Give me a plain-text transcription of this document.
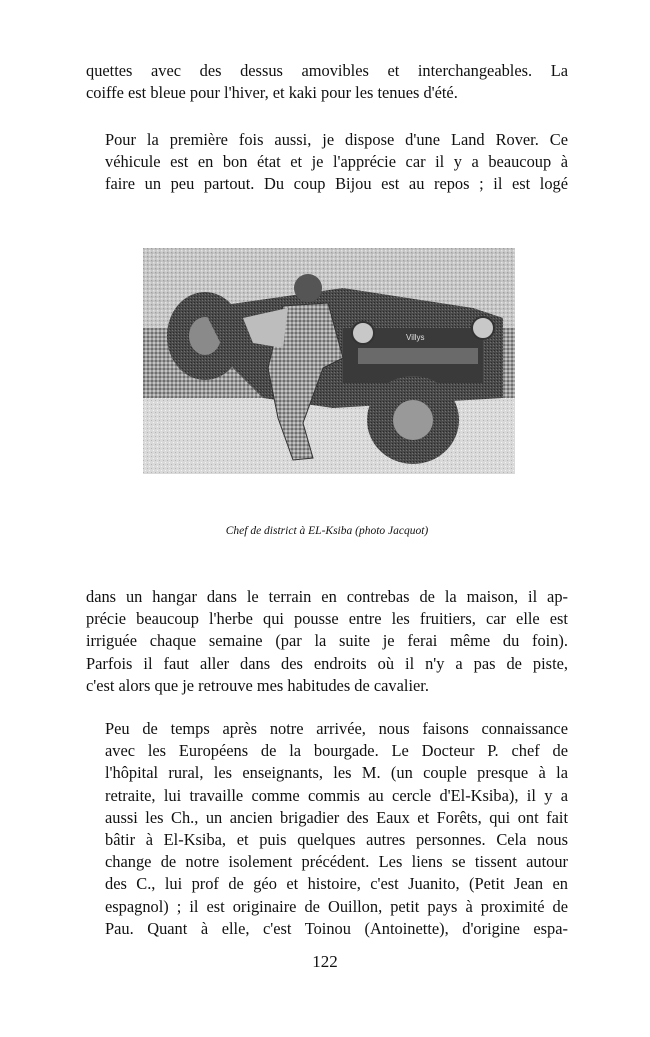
quettes avec des dessus amovibles et interchangeables. La
coiffe est bleue pour l'hiver, et kaki pour les tenues d'été.

Pour la première fois aussi, je dispose d'une Land Rover. Ce
véhicule est en bon état et je l'apprécie car il y a beaucoup à
faire un peu partout. Du coup Bijou est au repos ; il est logé

Villys
Chef de district à EL-Ksiba (photo Jacquot)

dans un hangar dans le terrain en contrebas de la maison, il ap-
précie beaucoup l'herbe qui pousse entre les fruitiers, car elle est
irriguée chaque semaine (par la suite je ferai même du foin).
Parfois il faut aller dans des endroits où il n'y a pas de piste,
c'est alors que je retrouve mes habitudes de cavalier.

Peu de temps après notre arrivée, nous faisons connaissance
avec les Européens de la bourgade. Le Docteur P. chef de
l'hôpital rural, les enseignants, les M. (un couple presque à la
retraite, lui travaille comme commis au cercle d'El-Ksiba), il y a
aussi les Ch., un ancien brigadier des Eaux et Forêts, qui ont fait
bâtir à El-Ksiba, et puis quelques autres personnes. Cela nous
change de notre isolement précédent. Les liens se tissent autour
des C., lui prof de géo et histoire, c'est Juanito, (Petit Jean en
espagnol) ; il est originaire de Ouillon, petit pays à proximité de
Pau. Quant à elle, c'est Toinou (Antoinette), d'origine espa-

122
